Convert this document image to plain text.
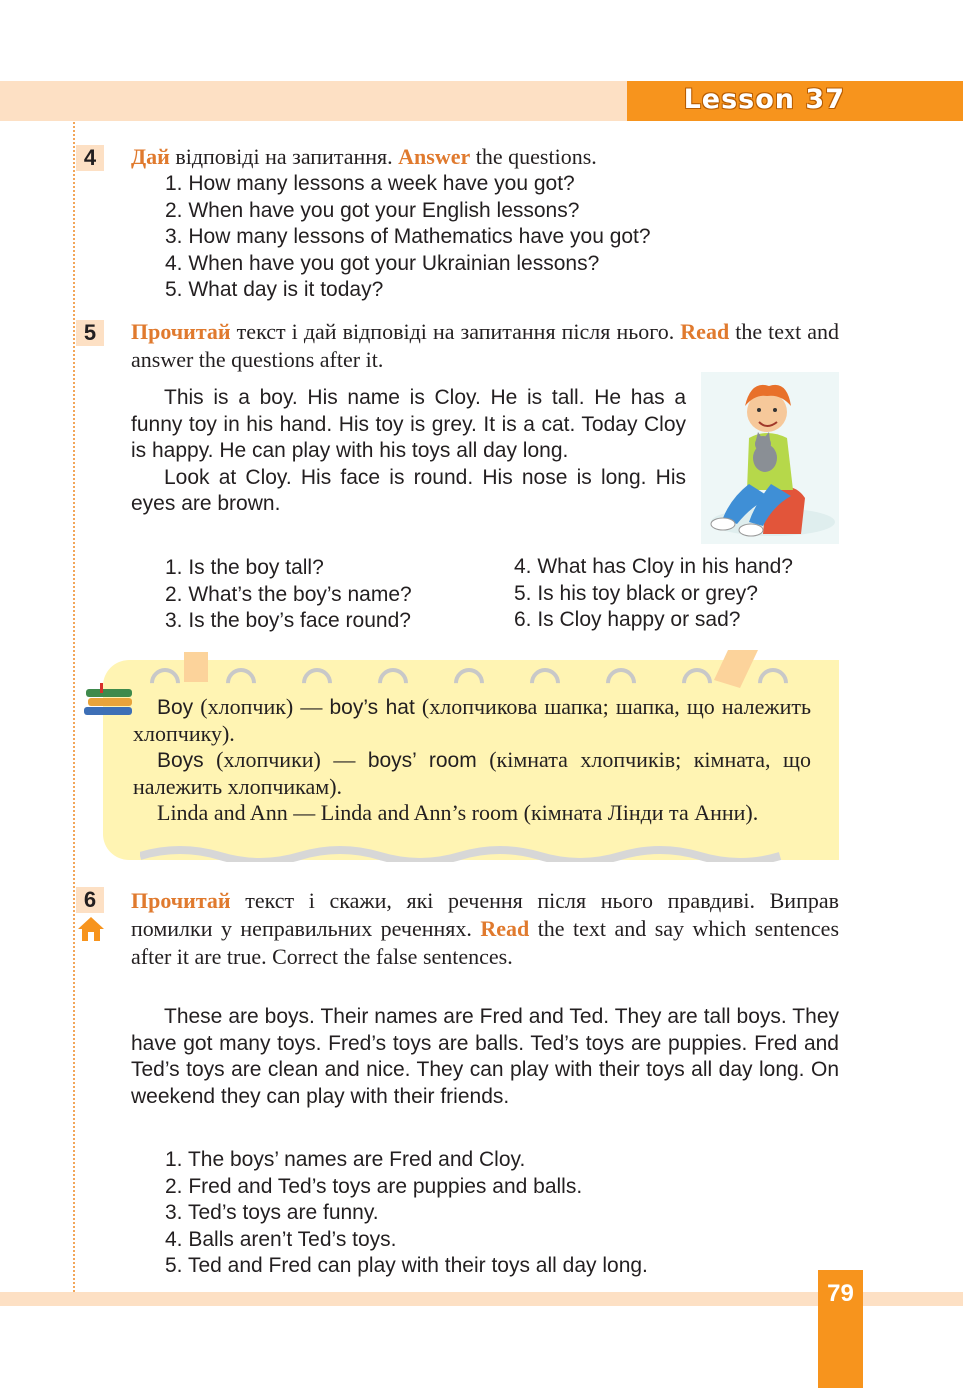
Lesson 37
79
4	Дай відповіді на запитання. Answer the questions.
1. How many lessons a week have you got?
2. When have you got your English lessons?
3. How many lessons of Mathematics have you got?
4. When have you got your Ukrainian lessons?
5. What day is it today?
5	Прочитай текст і дай відповіді на запитання після нього. Read the text and answer the questions after it.

This is a boy. His name is Cloy. He is tall. He has a funny toy in his hand. His toy is grey. It is a cat. Today Cloy is happy. He can play with his toys all day long.

Look at Cloy. His face is round. His nose is long. His eyes are brown.

1. Is the boy tall?
2. What’s the boy’s name?
3. Is the boy’s face round?
4. What has Cloy in his hand?
5. Is his toy black or grey?
6. Is Cloy happy or sad?

Boy (хлопчик) — boy’s hat (хлопчикова шапка; шапка, що належить хлопчику).

Boys (хлопчики) — boys’ room (кімната хлопчиків; кімната, що належить хлопчикам).

Linda and Ann — Linda and Ann’s room (кімната Лінди та Анни).

6	Прочитай текст і скажи, які речення після нього правдиві. Виправ помилки у неправильних реченнях. Read the text and say which sentences after it are true. Correct the false sentences.

These are boys. Their names are Fred and Ted. They are tall boys. They have got many toys. Fred’s toys are balls. Ted’s toys are puppies. Fred and Ted’s toys are clean and nice. They can play with their toys all day long. On weekend they can play with their friends.

1. The boys’ names are Fred and Cloy.
2. Fred and Ted’s toys are puppies and balls.
3. Ted’s toys are funny.
4. Balls aren’t Ted’s toys.
5. Ted and Fred can play with their toys all day long.
